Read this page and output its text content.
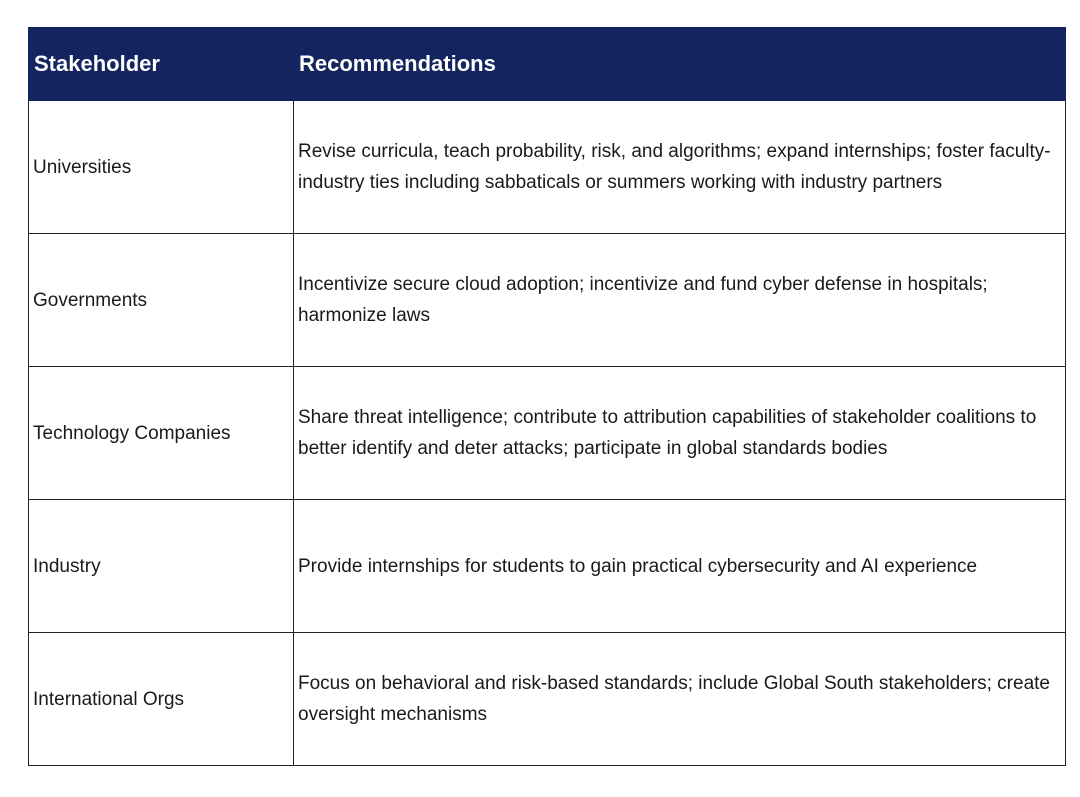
Stakeholder	Recommendations
Universities	Revise curricula, teach probability, risk, and algorithms; expand internships; foster faculty-industry ties including sabbaticals or summers working with industry partners
Governments	Incentivize secure cloud adoption; incentivize and fund cyber defense in hospitals; harmonize laws
Technology Companies	Share threat intelligence; contribute to attribution capabilities of stakeholder coalitions to better identify and deter attacks; participate in global standards bodies
Industry	Provide internships for students to gain practical cybersecurity and AI experience
International Orgs	Focus on behavioral and risk-based standards; include Global South stakeholders; create oversight mechanisms
